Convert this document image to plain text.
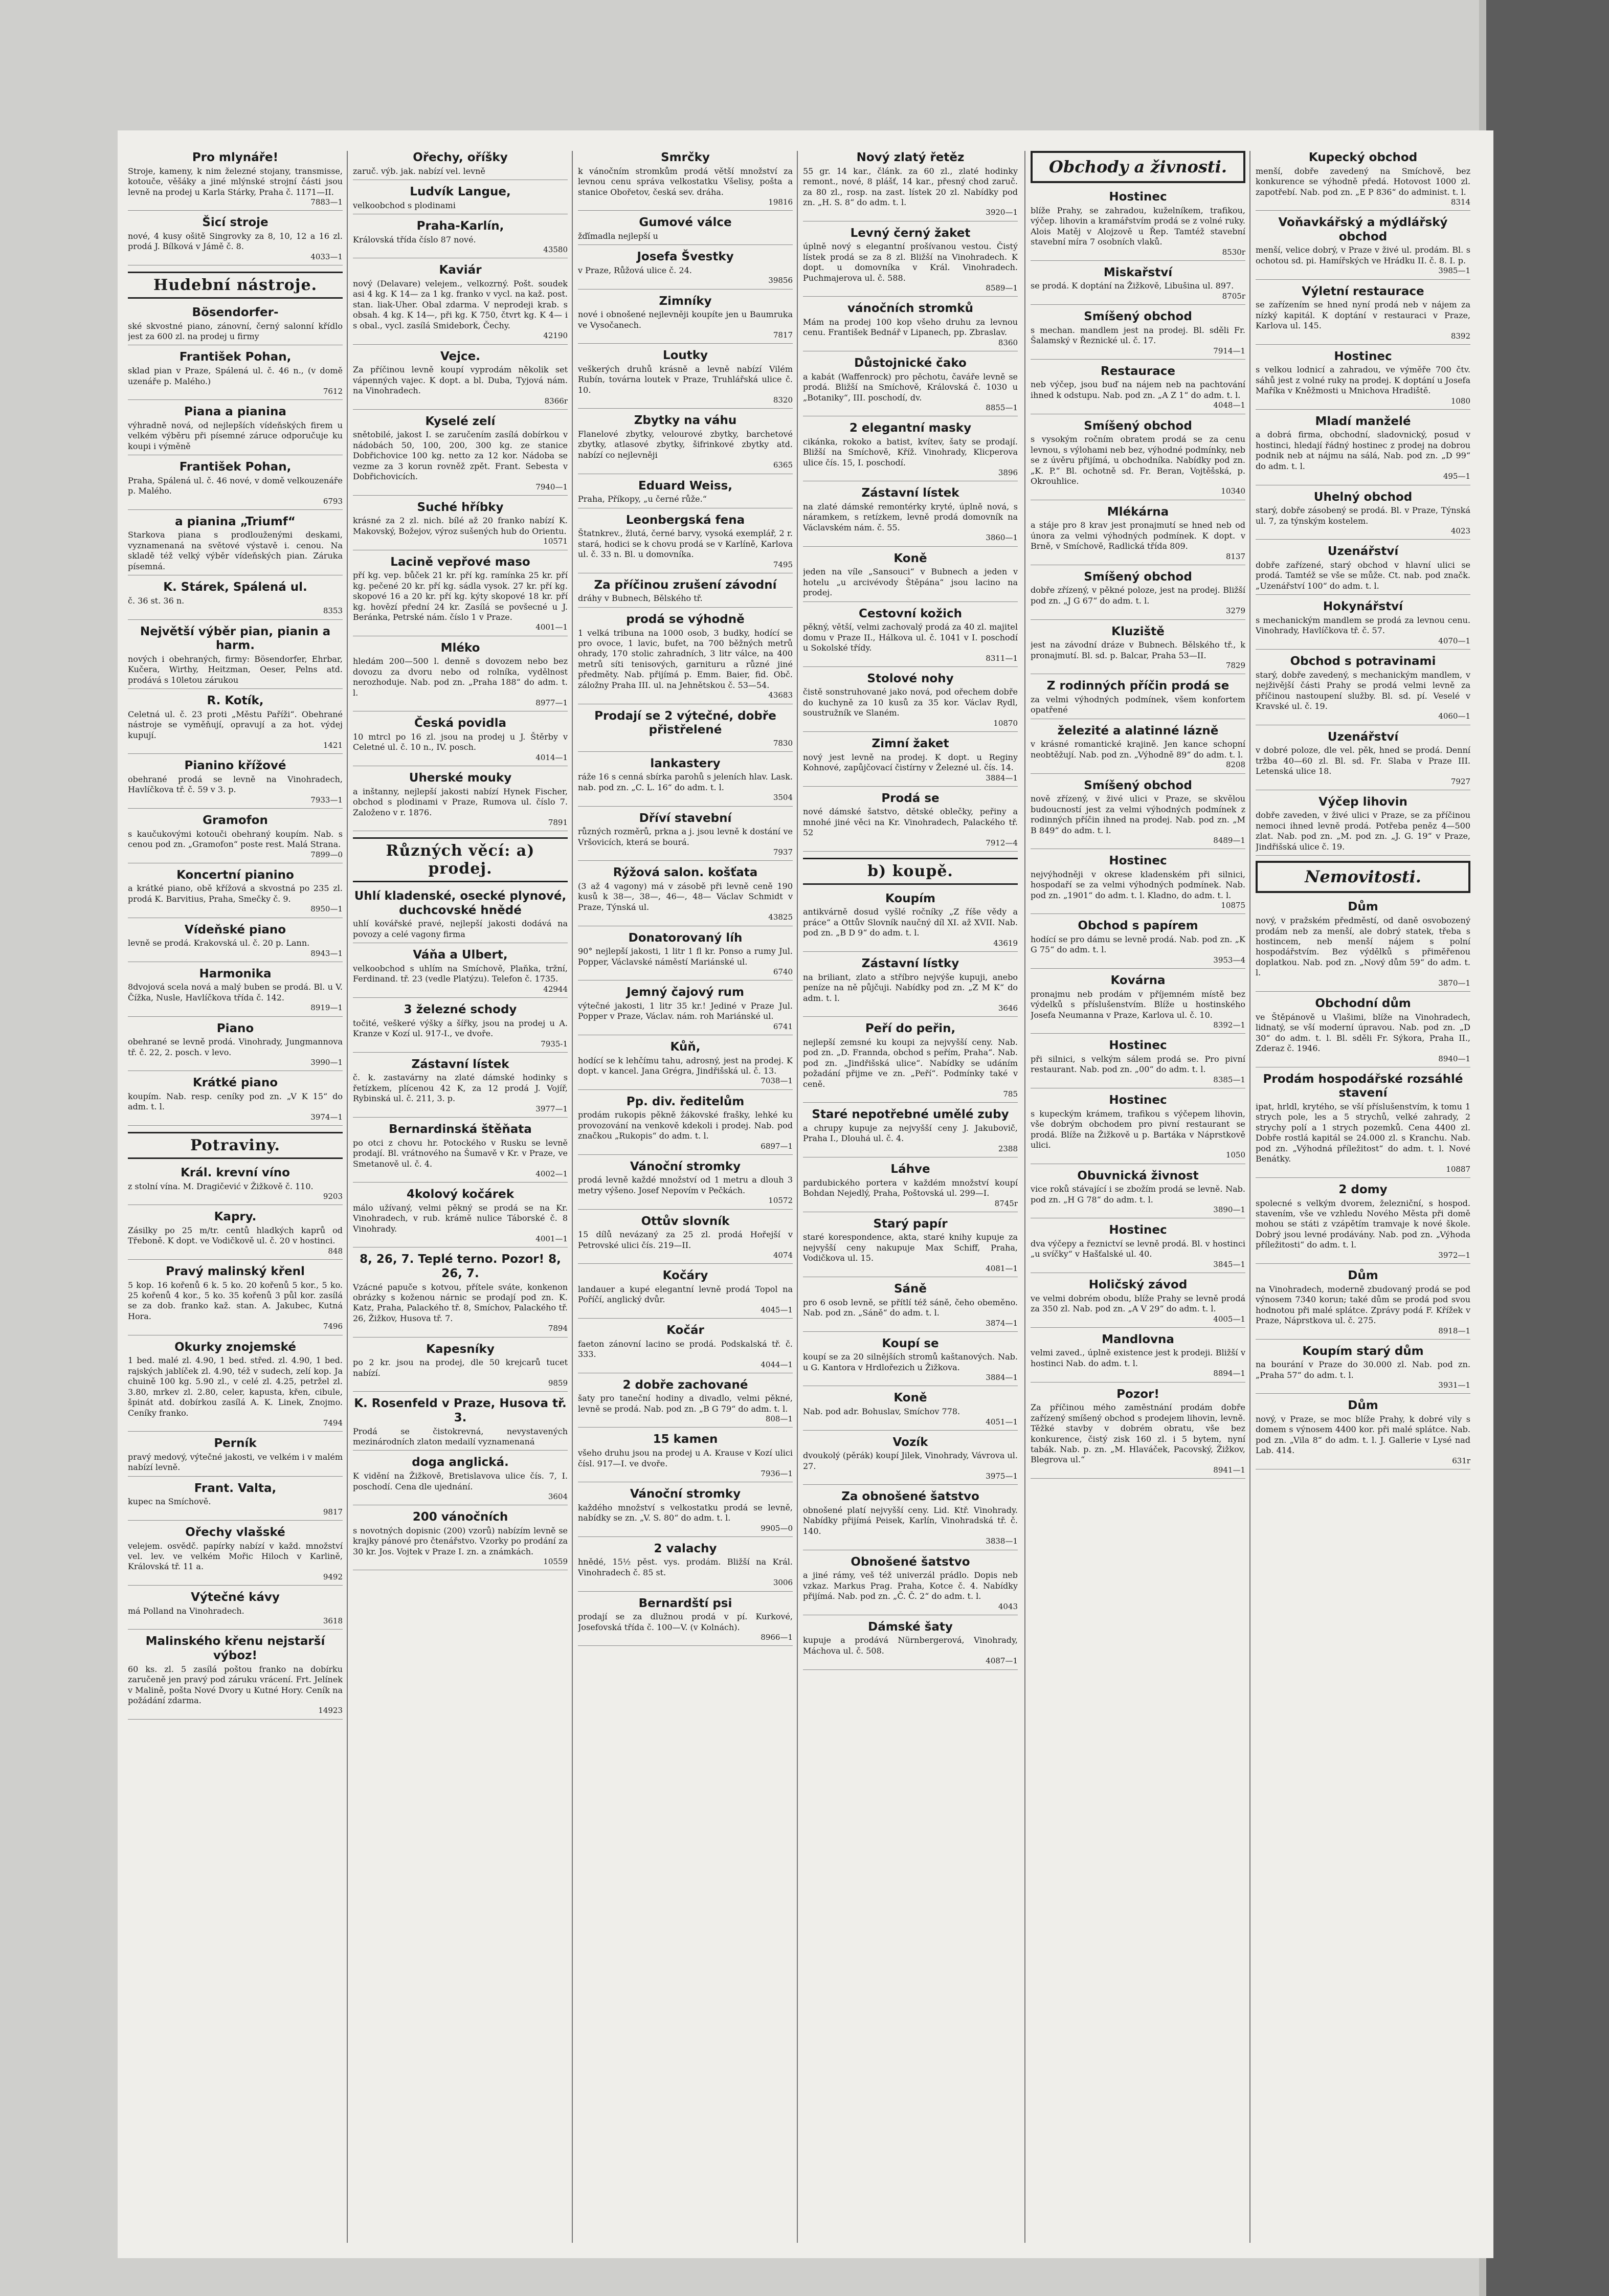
Pro mlynáře!
Stroje, kameny, k nim železné stojany, transmisse, kotouče, věšáky a jiné mlýnské strojní části jsou levně na prodej u Karla Stárky, Praha č. 1171—II.
7883—1
Šicí stroje
nové, 4 kusy ošitě Singrovky za 8, 10, 12 a 16 zl. prodá J. Bílková v Jámě č. 8.
4033—1
Hudební nástroje.
Bösendorfer-
ské skvostné piano, zánovní, černý salonní křídlo jest za 600 zl. na prodej u firmy
František Pohan,
sklad pian v Praze, Spálená ul. č. 46 n., (v domě uzenáře p. Malého.)
7612
Piana a pianina
výhradně nová, od nejlepších vídeňských firem u velkém výběru při písemné záruce odporučuje ku koupi i výměně
František Pohan,
Praha, Spálená ul. č. 46 nové, v domě velkouzenáře p. Malého.
6793
a pianina „Triumf“
Starkova piana s prodlouženými deskami, vyznamenaná na světové výstavě i. cenou. Na skladě též velký výběr vídeňských pian. Záruka písemná.
K. Stárek, Spálená ul.
č. 36 st. 36 n.
8353
Největší výběr pian, pianin a harm.
nových i obehraných, firmy: Bösendorfer, Ehrbar, Kučera, Wirthy, Heitzman, Oeser, Pelns atd. prodává s 10letou zárukou
R. Kotík,
Celetná ul. č. 23 proti „Městu Paříži“. Obehrané nástroje se vyměňují, opravují a za hot. výdej kupují.
1421
Pianino křížové
obehrané prodá se levně na Vinohradech, Havlíčkova tř. č. 59 v 3. p.
7933—1
Gramofon
s kaučukovými kotouči obehraný koupím. Nab. s cenou pod zn. „Gramofon“ poste rest. Malá Strana.
7899—0
Koncertní pianino
a krátké piano, obě křížová a skvostná po 235 zl. prodá K. Barvitius, Praha, Smečky č. 9.
8950—1
Vídeňské piano
levně se prodá. Krakovská ul. č. 20 p. Lann.
8943—1
Harmonika
8dvojová scela nová a malý buben se prodá. Bl. u V. Čížka, Nusle, Havlíčkova třída č. 142.
8919—1
Piano
obehrané se levně prodá. Vinohrady, Jungmannova tř. č. 22, 2. posch. v levo.
3990—1
Krátké piano
koupím. Nab. resp. ceníky pod zn. „V K 15“ do adm. t. l.
3974—1
Potraviny.
Král. krevní víno
z stolní vína. M. Dragičević v Žižkově č. 110.
9203
Kapry.
Zásilky po 25 m/tr. centů hladkých kaprů od Třeboně. K dopt. ve Vodičkově ul. č. 20 v hostinci.
848
Pravý malinský křenl
5 kop. 16 kořenů 6 k. 5 ko. 20 kořenů 5 kor., 5 ko. 25 kořenů 4 kor., 5 ko. 35 kořenů 3 půl kor. zasílá se za dob. franko kaž. stan. A. Jakubec, Kutná Hora.
7496
Okurky znojemské
1 bed. malé zl. 4.90, 1 bed. střed. zl. 4.90, 1 bed. rajských jablíček zl. 4.90, též v sudech, zelí kop. Ja chuině 100 kg. 5.90 zl., v celé zl. 4.25, petržel zl. 3.80, mrkev zl. 2.80, celer, kapusta, křen, cibule, špinát atd. dobírkou zasílá A. K. Linek, Znojmo. Ceníky franko.
7494
Perník
pravý medový, výtečné jakosti, ve velkém i v malém nabízí levně.
Frant. Valta,
kupec na Smíchově.
9817
Ořechy vlašské
velejem. osvědč. papírky nabízí v každ. množství vel. lev. ve velkém Mořic Hiloch v Karlině, Královská tř. 11 a.
9492
Výtečné kávy
má Polland na Vinohradech.
3618
Malinského křenu nejstarší výboz!
60 ks. zl. 5 zasílá poštou franko na dobírku zaručeně jen pravý pod záruku vrácení. Frt. Jelínek v Malině, pošta Nové Dvory u Kutné Hory. Ceník na požádání zdarma.
14923
Ořechy, oříšky
zaruč. výb. jak. nabízí vel. levně
Ludvík Langue,
velkoobchod s plodinami
Praha-Karlín,
Královská třída číslo 87 nové.
43580
Kaviár
nový (Delavare) velejem., velkozrný. Pošt. soudek asi 4 kg. K 14— za 1 kg. franko v vycl. na kaž. post. stan. liak-Uher. Obal zdarma. V neprodeji krab. s obsah. 4 kg. K 14—, při kg. K 750, čtvrt kg. K 4— i s obal., vycl. zasílá Smidebork, Čechy.
42190
Vejce.
Za příčinou levně koupí vyprodám několik set vápenných vajec. K dopt. a bl. Duba, Tyjová nám. na Vinohradech.
8366r
Kyselé zelí
snětobilé, jakost I. se zaručením zasílá dobírkou v nádobách 50, 100, 200, 300 kg. ze stanice Dobřichovice 100 kg. netto za 12 kor. Nádoba se vezme za 3 korun rovněž zpět. Frant. Sebesta v Dobřichovicích.
7940—1
Suché hříbky
krásné za 2 zl. nich. bílé až 20 franko nabízí K. Makovský, Božejov, výroz sušených hub do Orientu.
10571
Lacině vepřové maso
pří kg. vep. bůček 21 kr. pří kg. ramínka 25 kr. pří kg. pečené 20 kr. pří kg. sádla vysok. 27 kr. pří kg. skopové 16 a 20 kr. pří kg. kýty skopové 18 kr. pří kg. hovězí přední 24 kr. Zasílá se povšecné u J. Beránka, Petrské nám. číslo 1 v Praze.
4001—1
Mléko
hledám 200—500 l. denně s dovozem nebo bez dovozu za dvoru nebo od rolníka, vydělnost nerozhoduje. Nab. pod zn. „Praha 188“ do adm. t. l.
8977—1
Česká povidla
10 mtrcl po 16 zl. jsou na prodej u J. Štěrby v Celetné ul. č. 10 n., IV. posch.
4014—1
Uherské mouky
a inštanny, nejlepší jakosti nabízí Hynek Fischer, obchod s plodinami v Praze, Rumova ul. číslo 7. Založeno v r. 1876.
7891
Různých věcí: a) prodej.
Uhlí kladenské, osecké plynové, duchcovské hnědé
uhlí kovářské pravé, nejlepší jakosti dodává na povozy a celé vagony firma
Váňa a Ulbert,
velkoobchod s uhlím na Smíchově, Plaňka, tržní, Ferdinand. tř. 23 (vedle Platýzu). Telefon č. 1735.
42944
3 železné schody
točité, veškeré výšky a šířky, jsou na prodej u A. Kranze v Kozí ul. 917-I., ve dvoře.
7935-1
Zástavní lístek
č. k. zastavárny na zlaté dámské hodinky s řetízkem, plícenou 42 K, za 12 prodá J. Vojíř, Rybinská ul. č. 211, 3. p.
3977—1
Bernardinská štěňata
po otci z chovu hr. Potockého v Rusku se levně prodají. Bl. vrátnového na Šumavě v Kr. v Praze, ve Smetanově ul. č. 4.
4002—1
4kolový kočárek
málo užívaný, velmi pěkný se prodá se na Kr. Vinohradech, v rub. krámě nulice Táborské č. 8 Vinohrady.
4001—1
8, 26, 7. Teplé terno. Pozor! 8, 26, 7.
Vzácné papuče s kotvou, přítele sváte, konkenon obrázky s koženou nárnic se prodají pod zn. K. Katz, Praha, Palackého tř. 8, Smíchov, Palackého tř. 26, Žižkov, Husova tř. 7.
7894
Kapesníky
po 2 kr. jsou na prodej, dle 50 krejcarů tucet nabízí.
9859
K. Rosenfeld v Praze, Husova tř. 3.
Prodá se čistokrevná, nevystavených mezinárodních zlaton medailí vyznamenaná
doga anglická.
K vidění na Žižkově, Bretislavova ulice čís. 7, I. poschodí. Cena dle ujednání.
3604
200 vánočních
s novotných dopisnic (200) vzorů) nabízím levně se krajky pánové pro čtenářstvo. Vzorky po prodání za 30 kr. Jos. Vojtek v Praze I. zn. a známkách.
10559
Smrčky
k vánočním stromkům prodá větší množství za levnou cenu správa velkostatku Všelisy, pošta a stanice Obořetov, česká sev. dráha.
19816
Gumové válce
žďímadla nejlepší u
Josefa Švestky
v Praze, Růžová ulice č. 24.
39856
Zimníky
nové i obnošené nejlevněji koupíte jen u Baumruka ve Vysočanech.
7817
Loutky
veškerých druhů krásně a levně nabízí Vilém Rubín, továrna loutek v Praze, Truhlářská ulice č. 10.
8320
Zbytky na váhu
Flanelové zbytky, velourové zbytky, barchetové zbytky, atlasové zbytky, šifrinkové zbytky atd. nabízí co nejlevněji
6365
Eduard Weiss,
Praha, Příkopy, „u černé růže.“
Leonbergská fena
Štatnkrev., žlutá, černé barvy, vysoká exemplář, 2 r. stará, hodici se k chovu prodá se v Karlíně, Karlova ul. č. 33 n. Bl. u domovníka.
7495
Za příčinou zrušení závodní
dráhy v Bubnech, Bělského tř.
prodá se výhodně
1 velká tribuna na 1000 osob, 3 budky, hodící se pro ovoce, 1 lavic, bufet, na 700 běžných metrů ohrady, 170 stolic zahradních, 3 litr válce, na 400 metrů síti tenisových, garnituru a různé jiné předměty. Nab. přijímá p. Emm. Baier, fid. Obč. záložny Praha III. ul. na Jehnětskou č. 53—54.
43683
Prodají se 2 výtečné, dobře přistřelené
7830
lankastery
ráže 16 s cenná sbírka parohů s jeleních hlav. Lask. nab. pod zn. „C. L. 16“ do adm. t. l.
3504
Dříví stavební
různých rozměrů, prkna a j. jsou levně k dostání ve Vršovicích, která se bourá.
7937
Rýžová salon. košťata
(3 až 4 vagony) má v zásobě při levně ceně 190 kusů k 38—, 38—, 46—, 48— Václav Schmidt v Praze, Týnská ul.
43825
Donatorovaný líh
90° nejlepší jakosti, 1 litr 1 fl kr. Ponso a rumy Jul. Popper, Václavské náměstí Mariánské ul.
6740
Jemný čajový rum
výtečné jakosti, 1 litr 35 kr.! Jediné v Praze Jul. Popper v Praze, Václav. nám. roh Mariánské ul.
6741
Kůň,
hodící se k lehčímu tahu, adrosný, jest na prodej. K dopt. v kancel. Jana Grégra, Jindřišská ul. č. 13.
7038—1
Pp. div. ředitelům
prodám rukopis pěkně žákovské frašky, lehké ku provozování na venkově kdekoli i prodej. Nab. pod značkou „Rukopis“ do adm. t. l.
6897—1
Vánoční stromky
prodá levně každé množství od 1 metru a dlouh 3 metry výšeno. Josef Nepovím v Pečkách.
10572
Ottův slovník
15 dílů nevázaný za 25 zl. prodá Hořejší v Petrovské ulici čís. 219—II.
4074
Kočáry
landauer a kupé elegantní levně prodá Topol na Poříčí, anglický dvůr.
4045—1
Kočár
faeton zánovní lacino se prodá. Podskalská tř. č. 333.
4044—1
2 dobře zachované
šaty pro taneční hodiny a divadlo, velmi pěkné, levně se prodá. Nab. pod zn. „B G 79“ do adm. t. l.
808—1
15 kamen
všeho druhu jsou na prodej u A. Krause v Kozí ulici čísl. 917—I. ve dvoře.
7936—1
Vánoční stromky
každého množství s velkostatku prodá se levně, nabídky se zn. „V. S. 80“ do adm. t. l.
9905—0
2 valachy
hnědé, 15½ pěst. vys. prodám. Bližší na Král. Vinohradech č. 85 st.
3006
Bernardští psi
prodají se za dlužnou prodá v pí. Kurkové, Josefovská třída č. 100—V. (v Kolnách).
8966—1
Nový zlatý řetěz
55 gr. 14 kar., článk. za 60 zl., zlaté hodinky remont., nové, 8 plášť, 14 kar., přesný chod zaruč. za 80 zl., rosp. na zast. lístek 20 zl. Nabídky pod zn. „H. S. 8“ do adm. t. l.
3920—1
Levný černý žaket
úplně nový s elegantní prošívanou vestou. Čistý lístek prodá se za 8 zl. Bližší na Vinohradech. K dopt. u domovníka v Král. Vinohradech. Puchmajerova ul. č. 588.
8589—1
vánočních stromků
Mám na prodej 100 kop všeho druhu za levnou cenu. František Bednář v Lipanech, pp. Zbraslav.
8360
Důstojnické čako
a kabát (Waffenrock) pro pěchotu, čaváře levně se prodá. Bližší na Smíchově, Královská č. 1030 u „Botaniky“, III. poschodí, dv.
8855—1
2 elegantní masky
cikánka, rokoko a batist, kvítev, šaty se prodají. Bližší na Smíchově, Kříž. Vinohrady, Klicperova ulice čís. 15, I. poschodí.
3896
Zástavní lístek
na zlaté dámské remontérky kryté, úplně nová, s náramkem, s retízkem, levně prodá domovník na Václavském nám. č. 55.
3860—1
Koně
jeden na víle „Sansouci“ v Bubnech a jeden v hotelu „u arcivévody Štěpána“ jsou lacino na prodej.
Cestovní kožich
pěkný, větší, velmi zachovalý prodá za 40 zl. majitel domu v Praze II., Hálkova ul. č. 1041 v I. poschodí u Sokolské třídy.
8311—1
Stolové nohy
čistě sonstruhované jako nová, pod ořechem dobře do kuchyně za 10 kusů za 35 kor. Václav Rydl, soustružník ve Slaném.
10870
Zimní žaket
nový jest levně na prodej. K dopt. u Reginy Kohnové, zapůjčovací čistírny v Železné ul. čís. 14.
3884—1
Prodá se
nové dámské šatstvo, dětské oblečky, peřiny a mnohé jiné věci na Kr. Vinohradech, Palackého tř. 52
7912—4
b) koupě.
Koupím
antikvárně dosud vyšlé ročníky „Z říše vědy a práce“ a Ottův Slovník naučný díl XI. až XVII. Nab. pod zn. „B D 9“ do adm. t. l.
43619
Zástavní lístky
na briliant, zlato a stříbro nejvýše kupuji, anebo peníze na ně půjčuji. Nabídky pod zn. „Z M K“ do adm. t. l.
3646
Peří do peřin,
nejlepší zemsné ku koupi za nejvyšší ceny. Nab. pod zn. „D. Frannda, obchod s peřím, Praha“. Nab. pod zn. „Jindřišská ulice“. Nabídky se udáním požadání přijme ve zn. „Peří“. Podmínky také v ceně.
785
Staré nepotřebné umělé zuby
a chrupy kupuje za nejvyšší ceny J. Jakubovič, Praha I., Dlouhá ul. č. 4.
2388
Láhve
pardubického portera v každém množství koupí Bohdan Nejedlý, Praha, Poštovská ul. 299—I.
8745r
Starý papír
staré korespondence, akta, staré knihy kupuje za nejvyšší ceny nakupuje Max Schiff, Praha, Vodičkova ul. 15.
4081—1
Sáně
pro 6 osob levně, se přítlí též sáně, čeho obeměno. Nab. pod zn. „Sáně“ do adm. t. l.
3874—1
Koupí se
koupí se za 20 silnějších stromů kaštanových. Nab. u G. Kantora v Hrdlořezich u Žižkova.
3884—1
Koně
Nab. pod adr. Bohuslav, Smíchov 778.
4051—1
Vozík
dvoukolý (pěrák) koupí Jilek, Vinohrady, Vávrova ul. 27.
3975—1
Za obnošené šatstvo
obnošené platí nejvyšší ceny. Lid. Ktř. Vinohrady. Nabídky přijímá Peisek, Karlín, Vinohradská tř. č. 140.
3838—1
Obnošené šatstvo
a jiné rámy, veš též univerzál prádlo. Dopis neb vzkaz. Markus Prag. Praha, Kotce č. 4. Nabídky přijímá. Nab. pod zn. „Č. Č. 2“ do adm. t. l.
4043
Dámské šaty
kupuje a prodává Nürnbergerová, Vinohrady, Máchova ul. č. 508.
4087—1
Obchody a živnosti.
Hostinec
blíže Prahy, se zahradou, kuželníkem, trafikou, výčep. lihovin a kramářstvím prodá se z volné ruky. Alois Matěj v Alojzově u Řep. Tamtéž stavební stavební míra 7 osobních vlaků.
8530r
Miskařství
se prodá. K doptání na Žižkově, Libušina ul. 897.
8705r
Smíšený obchod
s mechan. mandlem jest na prodej. Bl. sděli Fr. Šalamský v Řeznické ul. č. 17.
7914—1
Restaurace
neb výčep, jsou buď na nájem neb na pachtování ihned k odstupu. Nab. pod zn. „A Z 1“ do adm. t. l.
4048—1
Smíšený obchod
s vysokým ročním obratem prodá se za cenu levnou, s výlohami neb bez, výhodné podmínky, neb se z úvěru přijímá, u obchodníka. Nabídky pod zn. „K. P.“ Bl. ochotně sd. Fr. Beran, Vojtěšská, p. Okrouhlice.
10340
Mlékárna
a stáje pro 8 krav jest pronajmutí se hned neb od února za velmi výhodných podmínek. K dopt. v Brně, v Smíchově, Radlická třída 809.
8137
Smíšený obchod
dobře zřízený, v pěkné poloze, jest na prodej. Bližší pod zn. „J G 67“ do adm. t. l.
3279
Kluziště
jest na závodní dráze v Bubnech. Bělského tř., k pronajmutí. Bl. sd. p. Balcar, Praha 53—II.
7829
Z rodinných příčin prodá se
za velmi výhodných podmínek, všem konfortem opatřené
železité a alatinné lázně
v krásné romantické krajině. Jen kance schopní neobtěžují. Nab. pod zn. „Výhodně 89“ do adm. t. l.
8208
Smíšený obchod
nově zřízený, v živé ulici v Praze, se skvělou budoucností jest za velmi výhodných podmínek z rodinných příčin ihned na prodej. Nab. pod zn. „M B 849“ do adm. t. l.
8489—1
Hostinec
nejvýhodněji v okrese kladenském při silnici, hospodaří se za velmi výhodných podmínek. Nab. pod zn. „1901“ do adm. t. l. Kladno, do adm. t. l.
10875
Obchod s papírem
hodící se pro dámu se levně prodá. Nab. pod zn. „K G 75“ do adm. t. l.
3953—4
Kovárna
pronajmu neb prodám v příjemném místě bez výdelků s příslušenstvím. Blíže u hostinského Josefa Neumanna v Praze, Karlova ul. č. 10.
8392—1
Hostinec
při silnici, s velkým sálem prodá se. Pro pivní restaurant. Nab. pod zn. „00“ do adm. t. l.
8385—1
Hostinec
s kupeckým krámem, trafikou s výčepem lihovin, vše dobrým obchodem pro pivní restaurant se prodá. Blíže na Žižkově u p. Bartáka v Náprstkově ulici.
1050
Obuvnická živnost
vice roků stávající i se zbožím prodá se levně. Nab. pod zn. „H G 78“ do adm. t. l.
3890—1
Hostinec
dva výčepy a řeznictví se levně prodá. Bl. v hostinci „u svíčky“ v Hašťalské ul. 40.
3845—1
Holičský závod
ve velmi dobrém obodu, blíže Prahy se levně prodá za 350 zl. Nab. pod zn. „A V 29“ do adm. t. l.
4005—1
Mandlovna
velmi zaved., úplně existence jest k prodeji. Bližší v hostinci Nab. do adm. t. l.
8894—1
Pozor!
Za příčinou mého zaměstnání prodám dobře zařízený smíšený obchod s prodejem lihovin, levně. Těžké stavby v dobrém obratu, vše bez konkurence, čistý zisk 160 zl. i 5 bytem, nyní tabák. Nab. p. zn. „M. Hlaváček, Pacovský, Žižkov, Blegrova ul.“
8941—1
Kupecký obchod
menší, dobře zavedený na Smíchově, bez konkurence se výhodně předá. Hotovost 1000 zl. zapotřebí. Nab. pod zn. „E P 836“ do administ. t. l.
8314
Voňavkářský a mýdlářský obchod
menší, velice dobrý, v Praze v živé ul. prodám. Bl. s ochotou sd. pi. Hamířských ve Hrádku II. č. 8. I. p.
3985—1
Výletní restaurace
se zařízením se hned nyní prodá neb v nájem za nízký kapitál. K doptání v restauraci v Praze, Karlova ul. 145.
8392
Hostinec
s velkou lodnicí a zahradou, ve výměře 700 čtv. sáhů jest z volné ruky na prodej. K doptání u Josefa Maříka v Kněžmosti u Mnichova Hradiště.
1080
Mladí manželé
a dobrá firma, obchodní, sladovnický, posud v hostinci, hledají řádný hostinec z prodej na dobrou podnik neb at nájmu na sálá, Nab. pod zn. „D 99“ do adm. t. l.
495—1
Uhelný obchod
starý, dobře zásobený se prodá. Bl. v Praze, Týnská ul. 7, za týnským kostelem.
4023
Uzenářství
dobře zařízené, starý obchod v hlavní ulici se prodá. Tamtéž se vše se může. Ct. nab. pod značk. „Uzenářství 100“ do adm. t. l.
Hokynářství
s mechanickým mandlem se prodá za levnou cenu. Vinohrady, Havlíčkova tř. č. 57.
4070—1
Obchod s potravinami
starý, dobře zavedený, s mechanickým mandlem, v nejživější části Prahy se prodá velmi levně za příčinou nastoupení služby. Bl. sd. pí. Veselé v Kravské ul. č. 19.
4060—1
Uzenářství
v dobré poloze, dle vel. pěk, hned se prodá. Denní tržba 40—60 zl. Bl. sd. Fr. Slaba v Praze III. Letenská ulice 18.
7927
Výčep lihovin
dobře zaveden, v živé ulici v Praze, se za příčinou nemoci ihned levně prodá. Potřeba peněz 4—500 zlat. Nab. pod zn. „M. pod zn. „J. G. 19“ v Praze, Jindřišská ulice č. 19.
Nemovitosti.
Dům
nový, v pražském předměstí, od daně osvobozený prodám neb za menší, ale dobrý statek, třeba s hostincem, neb menší nájem s polní hospodářstvím. Bez výdělků s přiměřenou doplatkou. Nab. pod zn. „Nový dům 59“ do adm. t. l.
3870—1
Obchodní dům
ve Štěpánově u Vlašimi, blíže na Vinohradech, lidnatý, se vší moderní úpravou. Nab. pod zn. „D 30“ do adm. t. l. Bl. sděli Fr. Sýkora, Praha II., Zderaz č. 1946.
8940—1
Prodám hospodářské rozsáhlé stavení
ipat, hrldl, krytého, se vší příslušenstvím, k tomu 1 strych pole, les a 5 strychů, velké zahrady, 2 strychy polí a 1 strych pozemků. Cena 4400 zl. Dobře rostlá kapitál se 24.000 zl. s Kranchu. Nab. pod zn. „Výhodná příležitost“ do adm. t. l. Nové Benátky.
10887
2 domy
spolecné s velkým dvorem, železniční, s hospod. stavením, vše ve vzhledu Nového Města při domě mohou se státi z vzápětím tramvaje k nové škole. Dobrý jsou levné prodávány. Nab. pod zn. „Výhoda příležitosti“ do adm. t. l.
3972—1
Dům
na Vinohradech, moderně zbudovaný prodá se pod výnosem 7340 korun; také dům se prodá pod svou hodnotou při malé splátce. Zprávy podá F. Křížek v Praze, Náprstkova ul. č. 275.
8918—1
Koupím starý dům
na bourání v Praze do 30.000 zl. Nab. pod zn. „Praha 57“ do adm. t. l.
3931—1
Dům
nový, v Praze, se moc blíže Prahy, k dobré vily s domem s výnosem 4400 kor. při malé splátce. Nab. pod zn. „Vila 8“ do adm. t. l. J. Gallerie v Lysé nad Lab. 414.
631r
